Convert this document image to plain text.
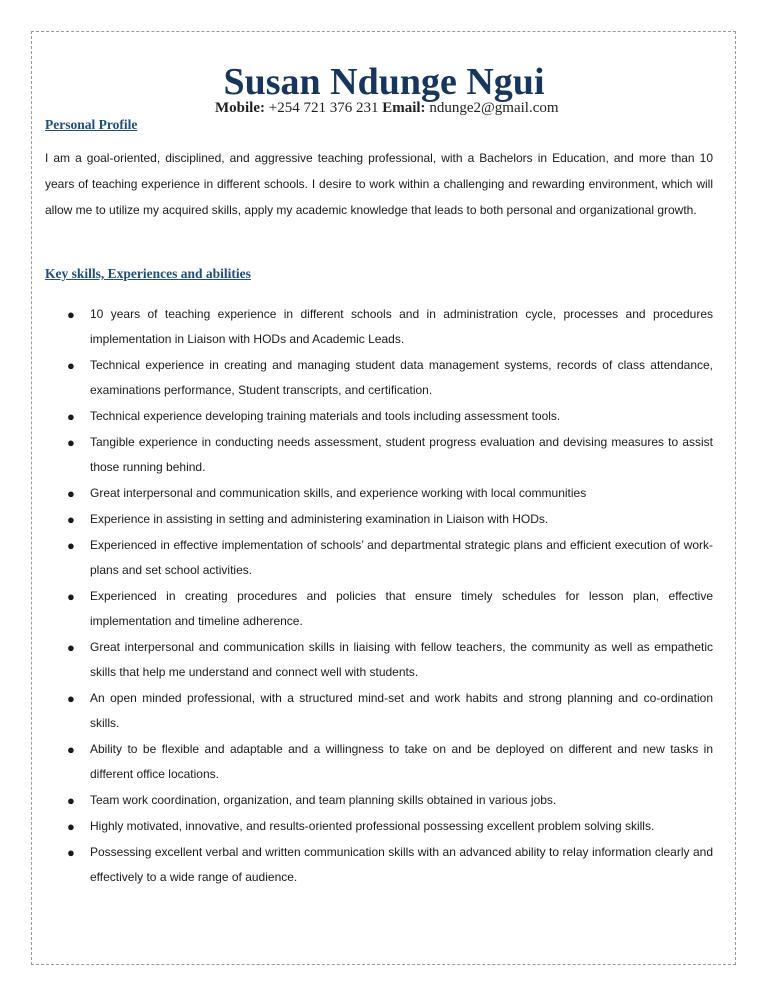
Susan Ndunge Ngui
Mobile: +254 721 376 231 Email: ndunge2@gmail.com
Personal Profile

I am a goal-oriented, disciplined, and aggressive teaching professional, with a Bachelors in Education, and more than 10 years of teaching experience in different schools. I desire to work within a challenging and rewarding environment, which will allow me to utilize my acquired skills, apply my academic knowledge that leads to both personal and organizational growth.

Key skills, Experiences and abilities
● 10 years of teaching experience in different schools and in administration cycle, processes and procedures implementation in Liaison with HODs and Academic Leads.
● Technical experience in creating and managing student data management systems, records of class attendance, examinations performance, Student transcripts, and certification.
● Technical experience developing training materials and tools including assessment tools.
● Tangible experience in conducting needs assessment, student progress evaluation and devising measures to assist those running behind.
● Great interpersonal and communication skills, and experience working with local communities
● Experience in assisting in setting and administering examination in Liaison with HODs.
● Experienced in effective implementation of schools’ and departmental strategic plans and efficient execution of work-plans and set school activities.
● Experienced in creating procedures and policies that ensure timely schedules for lesson plan, effective implementation and timeline adherence.
● Great interpersonal and communication skills in liaising with fellow teachers, the community as well as empathetic skills that help me understand and connect well with students.
● An open minded professional, with a structured mind-set and work habits and strong planning and co-ordination skills.
● Ability to be flexible and adaptable and a willingness to take on and be deployed on different and new tasks in different office locations.
● Team work coordination, organization, and team planning skills obtained in various jobs.
● Highly motivated, innovative, and results-oriented professional possessing excellent problem solving skills.
● Possessing excellent verbal and written communication skills with an advanced ability to relay information clearly and effectively to a wide range of audience.
